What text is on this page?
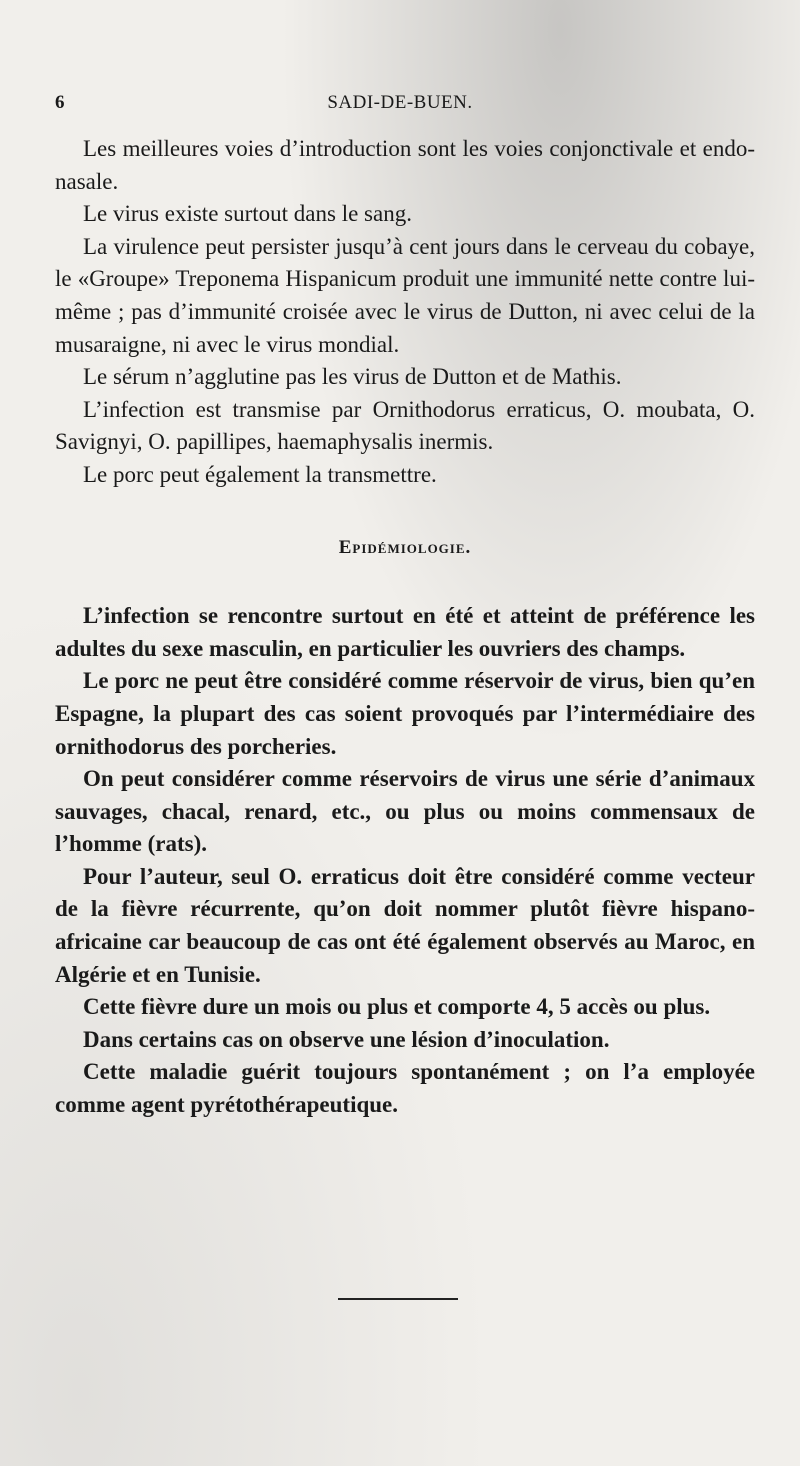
6	SADI-DE-BUEN.

Les meilleures voies d’introduction sont les voies conjonctivale et endo-nasale.

Le virus existe surtout dans le sang.

La virulence peut persister jusqu’à cent jours dans le cerveau du cobaye, le «Groupe» Treponema Hispanicum produit une immunité nette contre lui-même ; pas d’immunité croisée avec le virus de Dutton, ni avec celui de la musaraigne, ni avec le virus mondial.

Le sérum n’agglutine pas les virus de Dutton et de Mathis.

L’infection est transmise par Ornithodorus erraticus, O. moubata, O. Savignyi, O. papillipes, haemaphysalis inermis.

Le porc peut également la transmettre.

Epidémiologie.

L’infection se rencontre surtout en été et atteint de préférence les adultes du sexe masculin, en particulier les ouvriers des champs.

Le porc ne peut être considéré comme réservoir de virus, bien qu’en Espagne, la plupart des cas soient provoqués par l’intermédiaire des ornithodorus des porcheries.

On peut considérer comme réservoirs de virus une série d’animaux sauvages, chacal, renard, etc., ou plus ou moins commensaux de l’homme (rats).

Pour l’auteur, seul O. erraticus doit être considéré comme vecteur de la fièvre récurrente, qu’on doit nommer plutôt fièvre hispano-africaine car beaucoup de cas ont été également observés au Maroc, en Algérie et en Tunisie.

Cette fièvre dure un mois ou plus et comporte 4, 5 accès ou plus.

Dans certains cas on observe une lésion d’inoculation.

Cette maladie guérit toujours spontanément ; on l’a employée comme agent pyrétothérapeutique.
